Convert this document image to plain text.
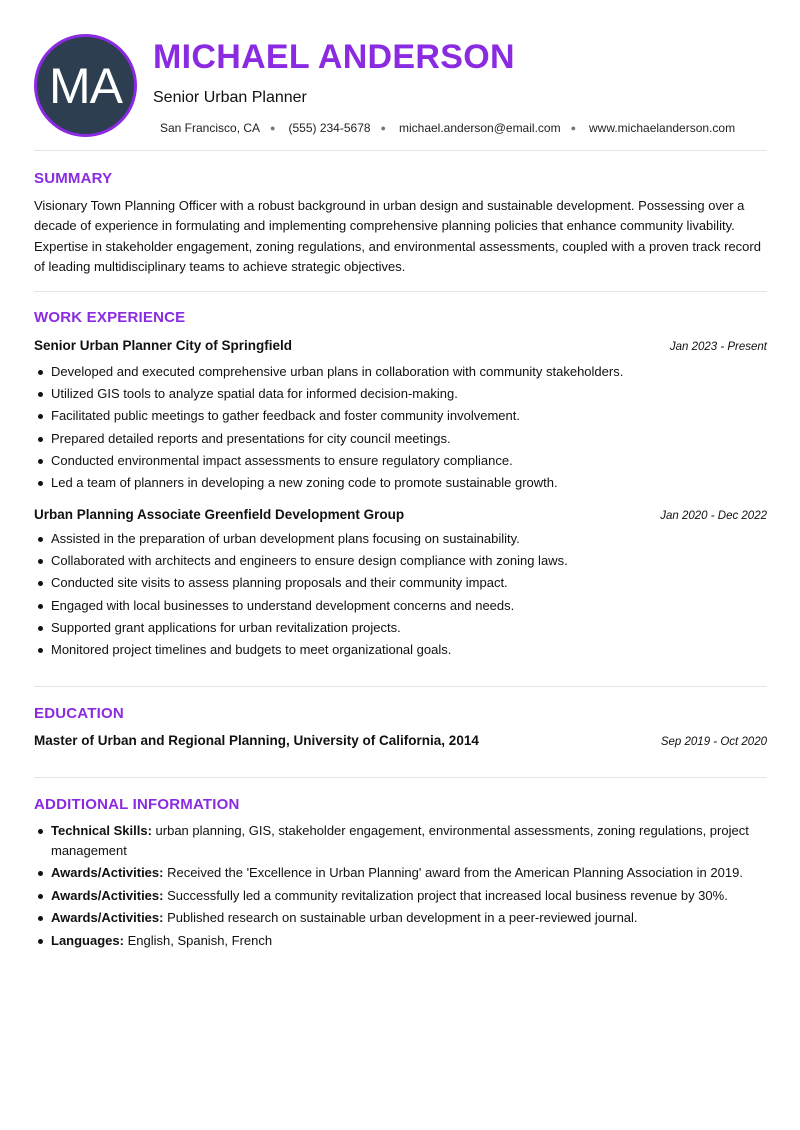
MA
MICHAEL ANDERSON
Senior Urban Planner
San Francisco, CA ● (555) 234-5678 ● michael.anderson@email.com ● www.michaelanderson.com
SUMMARY

Visionary Town Planning Officer with a robust background in urban design and sustainable development. Possessing over a decade of experience in formulating and implementing comprehensive planning policies that enhance community livability. Expertise in stakeholder engagement, zoning regulations, and environmental assessments, coupled with a proven track record of leading multidisciplinary teams to achieve strategic objectives.

WORK EXPERIENCE
Senior Urban Planner City of Springfield	Jan 2023 - Present
Developed and executed comprehensive urban plans in collaboration with community stakeholders.
Utilized GIS tools to analyze spatial data for informed decision-making.
Facilitated public meetings to gather feedback and foster community involvement.
Prepared detailed reports and presentations for city council meetings.
Conducted environmental impact assessments to ensure regulatory compliance.
Led a team of planners in developing a new zoning code to promote sustainable growth.
Urban Planning Associate Greenfield Development Group	Jan 2020 - Dec 2022
Assisted in the preparation of urban development plans focusing on sustainability.
Collaborated with architects and engineers to ensure design compliance with zoning laws.
Conducted site visits to assess planning proposals and their community impact.
Engaged with local businesses to understand development concerns and needs.
Supported grant applications for urban revitalization projects.
Monitored project timelines and budgets to meet organizational goals.
EDUCATION
Master of Urban and Regional Planning, University of California, 2014	Sep 2019 - Oct 2020
ADDITIONAL INFORMATION
Technical Skills: urban planning, GIS, stakeholder engagement, environmental assessments, zoning regulations, project management
Awards/Activities: Received the 'Excellence in Urban Planning' award from the American Planning Association in 2019.
Awards/Activities: Successfully led a community revitalization project that increased local business revenue by 30%.
Awards/Activities: Published research on sustainable urban development in a peer-reviewed journal.
Languages: English, Spanish, French
